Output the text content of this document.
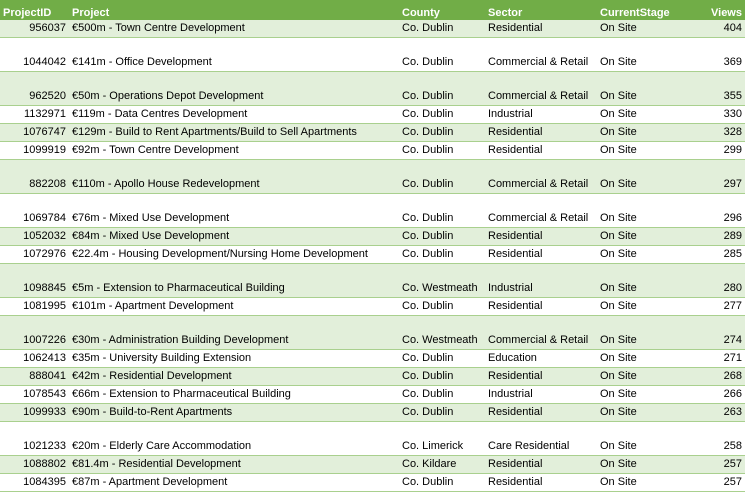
ProjectID	Project	County	Sector	CurrentStage	Views
956037	€500m - Town Centre Development	Co. Dublin	Residential	On Site	404
1044042	€141m - Office Development	Co. Dublin	Commercial & Retail	On Site	369
962520	€50m - Operations Depot Development	Co. Dublin	Commercial & Retail	On Site	355
1132971	€119m - Data Centres Development	Co. Dublin	Industrial	On Site	330
1076747	€129m - Build to Rent Apartments/Build to Sell Apartments	Co. Dublin	Residential	On Site	328
1099919	€92m - Town Centre Development	Co. Dublin	Residential	On Site	299
882208	€110m - Apollo House Redevelopment	Co. Dublin	Commercial & Retail	On Site	297
1069784	€76m - Mixed Use Development	Co. Dublin	Commercial & Retail	On Site	296
1052032	€84m - Mixed Use Development	Co. Dublin	Residential	On Site	289
1072976	€22.4m - Housing Development/Nursing Home Development	Co. Dublin	Residential	On Site	285
1098845	€5m - Extension to Pharmaceutical Building	Co. Westmeath	Industrial	On Site	280
1081995	€101m - Apartment Development	Co. Dublin	Residential	On Site	277
1007226	€30m - Administration Building Development	Co. Westmeath	Commercial & Retail	On Site	274
1062413	€35m - University Building Extension	Co. Dublin	Education	On Site	271
888041	€42m - Residential Development	Co. Dublin	Residential	On Site	268
1078543	€66m - Extension to Pharmaceutical Building	Co. Dublin	Industrial	On Site	266
1099933	€90m - Build-to-Rent Apartments	Co. Dublin	Residential	On Site	263
1021233	€20m - Elderly Care Accommodation	Co. Limerick	Care Residential	On Site	258
1088802	€81.4m - Residential Development	Co. Kildare	Residential	On Site	257
1084395	€87m - Apartment Development	Co. Dublin	Residential	On Site	257
